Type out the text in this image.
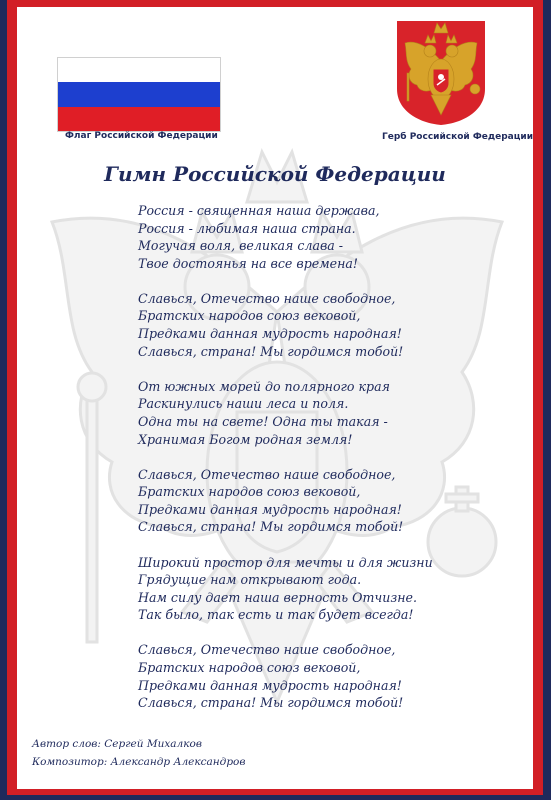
Флаг Российской Федерации	Герб Российской Федерации
Гимн Российской Федерации
Россия - священная наша держава,
Россия - любимая наша страна.
Могучая воля, великая слава -
Твое достоянья на все времена!
Славься, Отечество наше свободное,
Братских народов союз вековой,
Предками данная мудрость народная!
Славься, страна! Мы гордимся тобой!
От южных морей до полярного края
Раскинулись наши леса и поля.
Одна ты на свете! Одна ты такая -
Хранимая Богом родная земля!
Славься, Отечество наше свободное,
Братских народов союз вековой,
Предками данная мудрость народная!
Славься, страна! Мы гордимся тобой!
Широкий простор для мечты и для жизни
Грядущие нам открывают года.
Нам силу дает наша верность Отчизне.
Так было, так есть и так будет всегда!
Славься, Отечество наше свободное,
Братских народов союз вековой,
Предками данная мудрость народная!
Славься, страна! Мы гордимся тобой!
Автор слов: Сергей Михалков
Композитор: Александр Александров
